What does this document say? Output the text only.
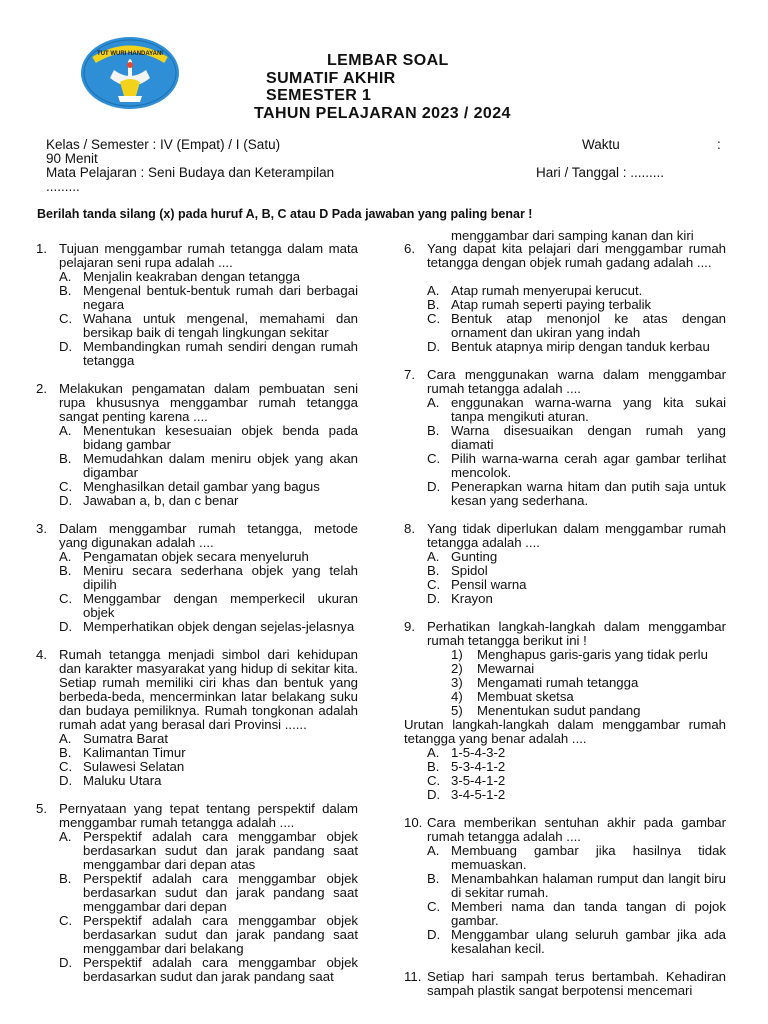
TUT WURI HANDAYANI	LEMBAR SOAL
SUMATIF AKHIR
SEMESTER 1
TAHUN PELAJARAN 2023 / 2024
Kelas / Semester : IV (Empat) / I (Satu)	Waktu	:
90 Menit
Mata Pelajaran : Seni Budaya dan Keterampilan	Hari / Tanggal : .........
.........
Berilah tanda silang (x) pada huruf A, B, C atau D Pada jawaban yang paling benar !
menggambar dari samping kanan dan kiri
1. Tujuan menggambar rumah tetangga dalam mata pelajaran seni rupa adalah ....
A. Menjalin keakraban dengan tetangga
B. Mengenal bentuk-bentuk rumah dari berbagai negara
C. Wahana untuk mengenal, memahami dan bersikap baik di tengah lingkungan sekitar
D. Membandingkan rumah sendiri dengan rumah tetangga
2. Melakukan pengamatan dalam pembuatan seni rupa khususnya menggambar rumah tetangga sangat penting karena ....
A. Menentukan kesesuaian objek benda pada bidang gambar
B. Memudahkan dalam meniru objek yang akan digambar
C. Menghasilkan detail gambar yang bagus
D. Jawaban a, b, dan c benar
3. Dalam menggambar rumah tetangga, metode yang digunakan adalah ....
A. Pengamatan objek secara menyeluruh
B. Meniru secara sederhana objek yang telah dipilih
C. Menggambar dengan memperkecil ukuran objek
D. Memperhatikan objek dengan sejelas-jelasnya
4. Rumah tetangga menjadi simbol dari kehidupan dan karakter masyarakat yang hidup di sekitar kita. Setiap rumah memiliki ciri khas dan bentuk yang berbeda-beda, mencerminkan latar belakang suku dan budaya pemiliknya. Rumah tongkonan adalah rumah adat yang berasal dari Provinsi ......
A. Sumatra Barat
B. Kalimantan Timur
C. Sulawesi Selatan
D. Maluku Utara
5. Pernyataan yang tepat tentang perspektif dalam menggambar rumah tetangga adalah ....
A. Perspektif adalah cara menggambar objek berdasarkan sudut dan jarak pandang saat menggambar dari depan atas
B. Perspektif adalah cara menggambar objek berdasarkan sudut dan jarak pandang saat menggambar dari depan
C. Perspektif adalah cara menggambar objek berdasarkan sudut dan jarak pandang saat menggambar dari belakang
D. Perspektif adalah cara menggambar objek berdasarkan sudut dan jarak pandang saat
6. Yang dapat kita pelajari dari menggambar rumah tetangga dengan objek rumah gadang adalah ....
A. Atap rumah menyerupai kerucut.
B. Atap rumah seperti paying terbalik
C. Bentuk atap menonjol ke atas dengan ornament dan ukiran yang indah
D. Bentuk atapnya mirip dengan tanduk kerbau
7. Cara menggunakan warna dalam menggambar rumah tetangga adalah ....
A. enggunakan warna-warna yang kita sukai tanpa mengikuti aturan.
B. Warna disesuaikan dengan rumah yang diamati
C. Pilih warna-warna cerah agar gambar terlihat mencolok.
D. Penerapkan warna hitam dan putih saja untuk kesan yang sederhana.
8. Yang tidak diperlukan dalam menggambar rumah tetangga adalah ....
A. Gunting
B. Spidol
C. Pensil warna
D. Krayon
9. Perhatikan langkah-langkah dalam menggambar rumah tetangga berikut ini !
1) Menghapus garis-garis yang tidak perlu
2) Mewarnai
3) Mengamati rumah tetangga
4) Membuat sketsa
5) Menentukan sudut pandang
Urutan langkah-langkah dalam menggambar rumah tetangga yang benar adalah ....
A. 1-5-4-3-2
B. 5-3-4-1-2
C. 3-5-4-1-2
D. 3-4-5-1-2
10. Cara memberikan sentuhan akhir pada gambar rumah tetangga adalah ....
A. Membuang gambar jika hasilnya tidak memuaskan.
B. Menambahkan halaman rumput dan langit biru di sekitar rumah.
C. Memberi nama dan tanda tangan di pojok gambar.
D. Menggambar ulang seluruh gambar jika ada kesalahan kecil.
11. Setiap hari sampah terus bertambah. Kehadiran sampah plastik sangat berpotensi mencemari
